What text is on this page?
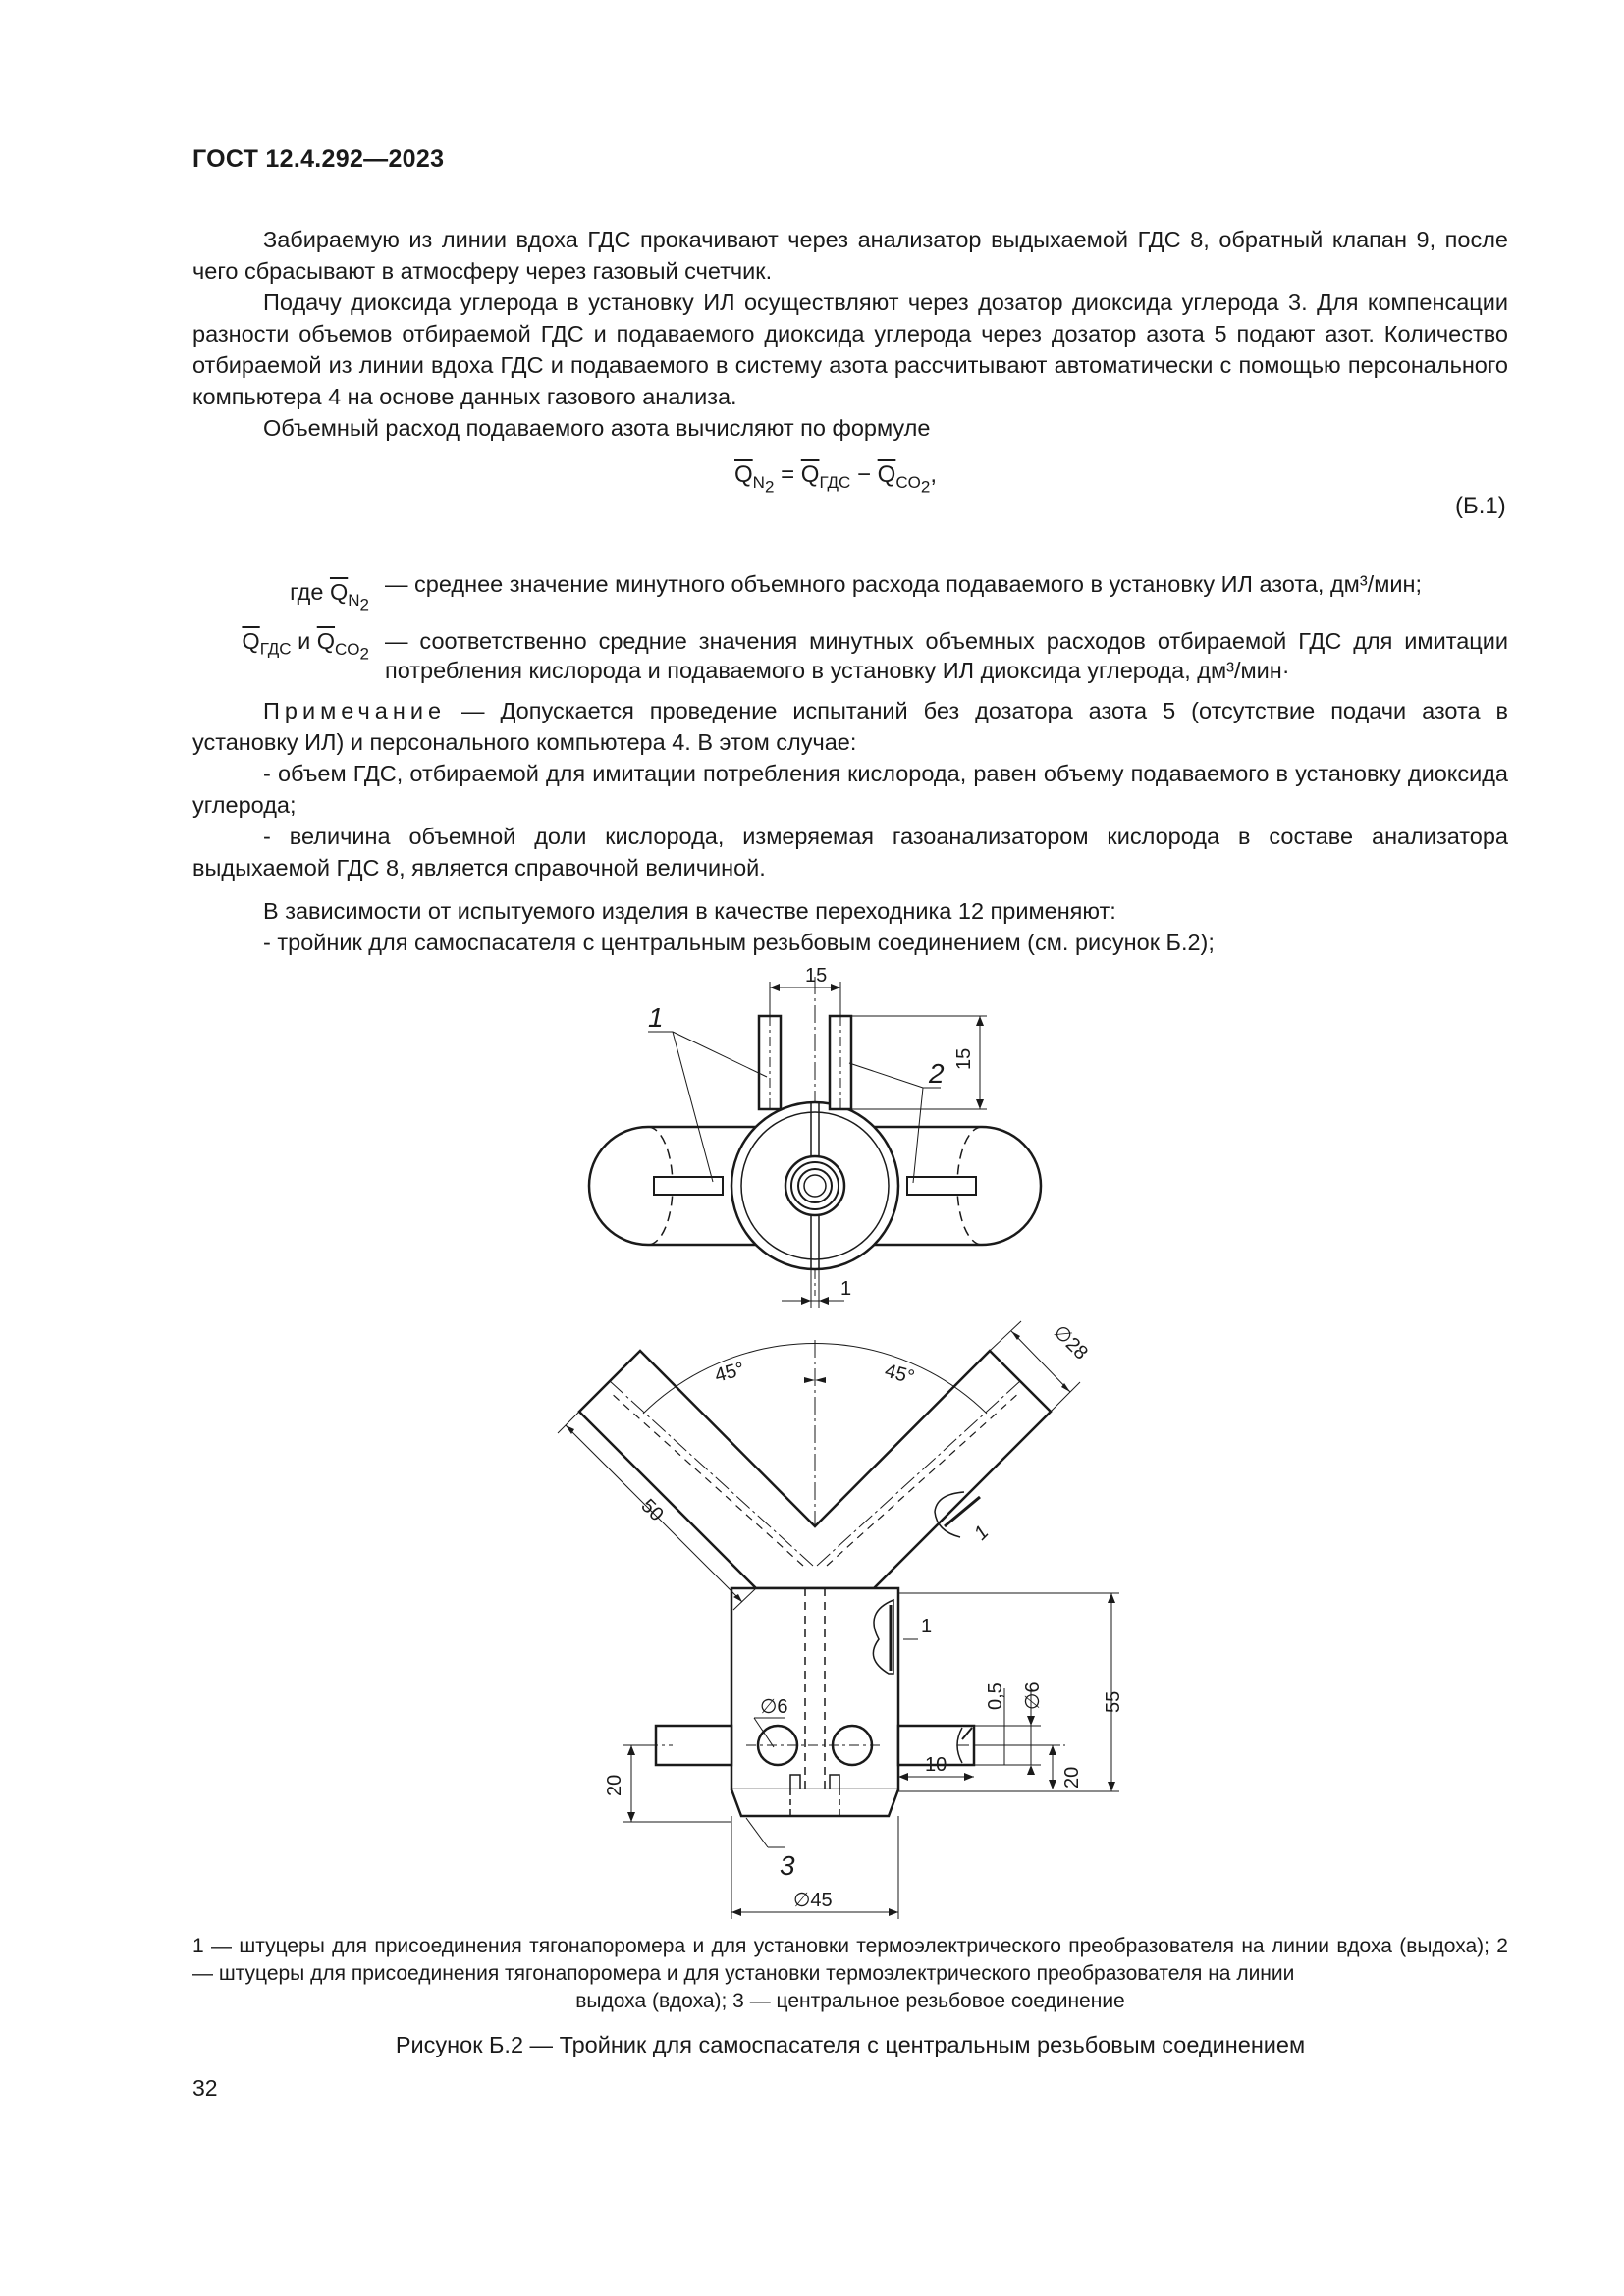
ГОСТ 12.4.292—2023

Забираемую из линии вдоха ГДС прокачивают через анализатор выдыхаемой ГДС 8, обратный клапан 9, после чего сбрасывают в атмосферу через газовый счетчик.

Подачу диоксида углерода в установку ИЛ осуществляют через дозатор диоксида углерода 3. Для компенсации разности объемов отбираемой ГДС и подаваемого диоксида углерода через дозатор азота 5 подают азот. Количество отбираемой из линии вдоха ГДС и подаваемого в систему азота рассчитывают автоматически с помощью персонального компьютера 4 на основе данных газового анализа.

Объемный расход подаваемого азота вычисляют по формуле

$\overline{Q}_{N_2} = \overline{Q}_{ГДС} - \overline{Q}_{CO_2}$,
(Б.1)
где $\overline{Q}_{N_2}$
— среднее значение минутного объемного расхода подаваемого в установку ИЛ азота, дм³/мин;
$\overline{Q}_{ГДС}$ и $\overline{Q}_{CO_2}$ — соответственно средние значения минутных объемных расходов отбираемой ГДС для имитации потребления кислорода и подаваемого в установку ИЛ диоксида углерода, дм³/мин·

Примечание — Допускается проведение испытаний без дозатора азота 5 (отсутствие подачи азота в установку ИЛ) и персонального компьютера 4. В этом случае:

- объем ГДС, отбираемой для имитации потребления кислорода, равен объему подаваемого в установку диоксида углерода;

- величина объемной доли кислорода, измеряемая газоанализатором кислорода в составе анализатора выдыхаемой ГДС 8, является справочной величиной.

В зависимости от испытуемого изделия в качестве переходника 12 применяют:

- тройник для самоспасателя с центральным резьбовым соединением (см. рисунок Б.2);

15
15
1
1
2
55
20
∅6
0,5
10
20
∅45
∅6
1
1
3
45°	45°
50
∅28
1 — штуцеры для присоединения тягонапоромера и для установки термоэлектрического преобразователя на линии вдоха (выдоха); 2 — штуцеры для присоединения тягонапоромера и для установки термоэлектрического преобразователя на линии
выдоха (вдоха); 3 — центральное резьбовое соединение
Рисунок Б.2 — Тройник для самоспасателя с центральным резьбовым соединением
32
